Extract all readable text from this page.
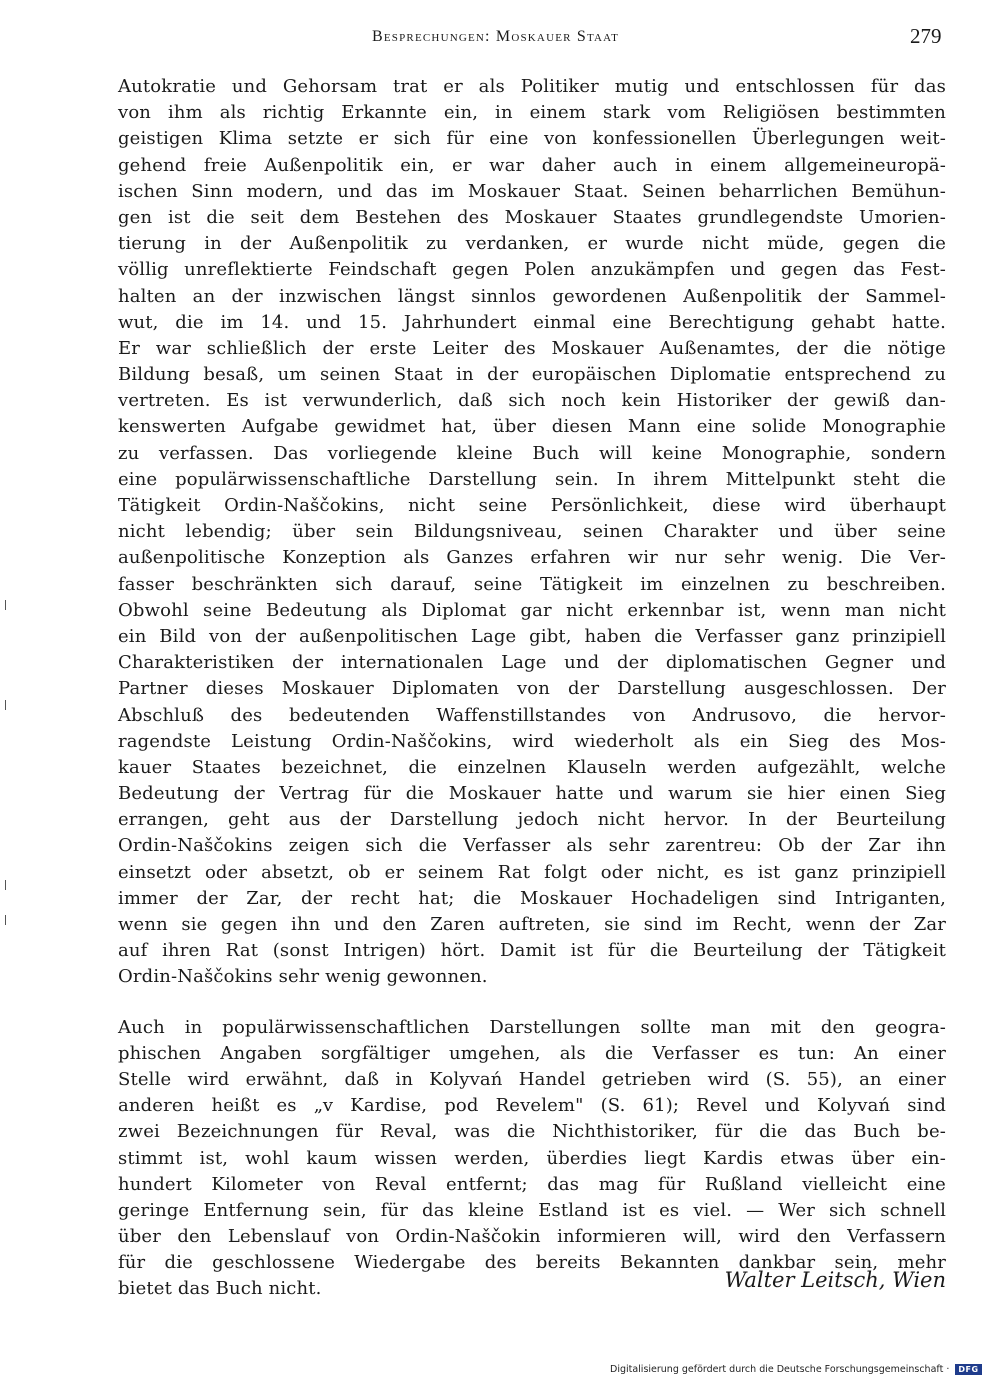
Besprechungen: Moskauer Staat	279
Autokratie und Gehorsam trat er als Politiker mutig und entschlossen für das
von ihm als richtig Erkannte ein, in einem stark vom Religiösen bestimmten
geistigen Klima setzte er sich für eine von konfessionellen Überlegungen weit-
gehend freie Außenpolitik ein, er war daher auch in einem allgemeineuropä-
ischen Sinn modern, und das im Moskauer Staat. Seinen beharrlichen Bemühun-
gen ist die seit dem Bestehen des Moskauer Staates grundlegendste Umorien-
tierung in der Außenpolitik zu verdanken, er wurde nicht müde, gegen die
völlig unreflektierte Feindschaft gegen Polen anzukämpfen und gegen das Fest-
halten an der inzwischen längst sinnlos gewordenen Außenpolitik der Sammel-
wut, die im 14. und 15. Jahrhundert einmal eine Berechtigung gehabt hatte.
Er war schließlich der erste Leiter des Moskauer Außenamtes, der die nötige
Bildung besaß, um seinen Staat in der europäischen Diplomatie entsprechend zu
vertreten. Es ist verwunderlich, daß sich noch kein Historiker der gewiß dan-
kenswerten Aufgabe gewidmet hat, über diesen Mann eine solide Monographie
zu verfassen. Das vorliegende kleine Buch will keine Monographie, sondern
eine populärwissenschaftliche Darstellung sein. In ihrem Mittelpunkt steht die
Tätigkeit Ordin-Naščokins, nicht seine Persönlichkeit, diese wird überhaupt
nicht lebendig; über sein Bildungsniveau, seinen Charakter und über seine
außenpolitische Konzeption als Ganzes erfahren wir nur sehr wenig. Die Ver-
fasser beschränkten sich darauf, seine Tätigkeit im einzelnen zu beschreiben.
Obwohl seine Bedeutung als Diplomat gar nicht erkennbar ist, wenn man nicht
ein Bild von der außenpolitischen Lage gibt, haben die Verfasser ganz prinzipiell
Charakteristiken der internationalen Lage und der diplomatischen Gegner und
Partner dieses Moskauer Diplomaten von der Darstellung ausgeschlossen. Der
Abschluß des bedeutenden Waffenstillstandes von Andrusovo, die hervor-
ragendste Leistung Ordin-Naščokins, wird wiederholt als ein Sieg des Mos-
kauer Staates bezeichnet, die einzelnen Klauseln werden aufgezählt, welche
Bedeutung der Vertrag für die Moskauer hatte und warum sie hier einen Sieg
errangen, geht aus der Darstellung jedoch nicht hervor. In der Beurteilung
Ordin-Naščokins zeigen sich die Verfasser als sehr zarentreu: Ob der Zar ihn
einsetzt oder absetzt, ob er seinem Rat folgt oder nicht, es ist ganz prinzipiell
immer der Zar, der recht hat; die Moskauer Hochadeligen sind Intriganten,
wenn sie gegen ihn und den Zaren auftreten, sie sind im Recht, wenn der Zar
auf ihren Rat (sonst Intrigen) hört. Damit ist für die Beurteilung der Tätigkeit
Ordin-Naščokins sehr wenig gewonnen.
Auch in populärwissenschaftlichen Darstellungen sollte man mit den geogra-
phischen Angaben sorgfältiger umgehen, als die Verfasser es tun: An einer
Stelle wird erwähnt, daß in Kolyvań Handel getrieben wird (S. 55), an einer
anderen heißt es „v Kardise, pod Revelem" (S. 61); Revel und Kolyvań sind
zwei Bezeichnungen für Reval, was die Nichthistoriker, für die das Buch be-
stimmt ist, wohl kaum wissen werden, überdies liegt Kardis etwas über ein-
hundert Kilometer von Reval entfernt; das mag für Rußland vielleicht eine
geringe Entfernung sein, für das kleine Estland ist es viel. — Wer sich schnell
über den Lebenslauf von Ordin-Naščokin informieren will, wird den Verfassern
für die geschlossene Wiedergabe des bereits Bekannten dankbar sein, mehr
bietet das Buch nicht.	Walter Leitsch, Wien
Digitalisierung gefördert durch die Deutsche Forschungsgemeinschaft · DFG
